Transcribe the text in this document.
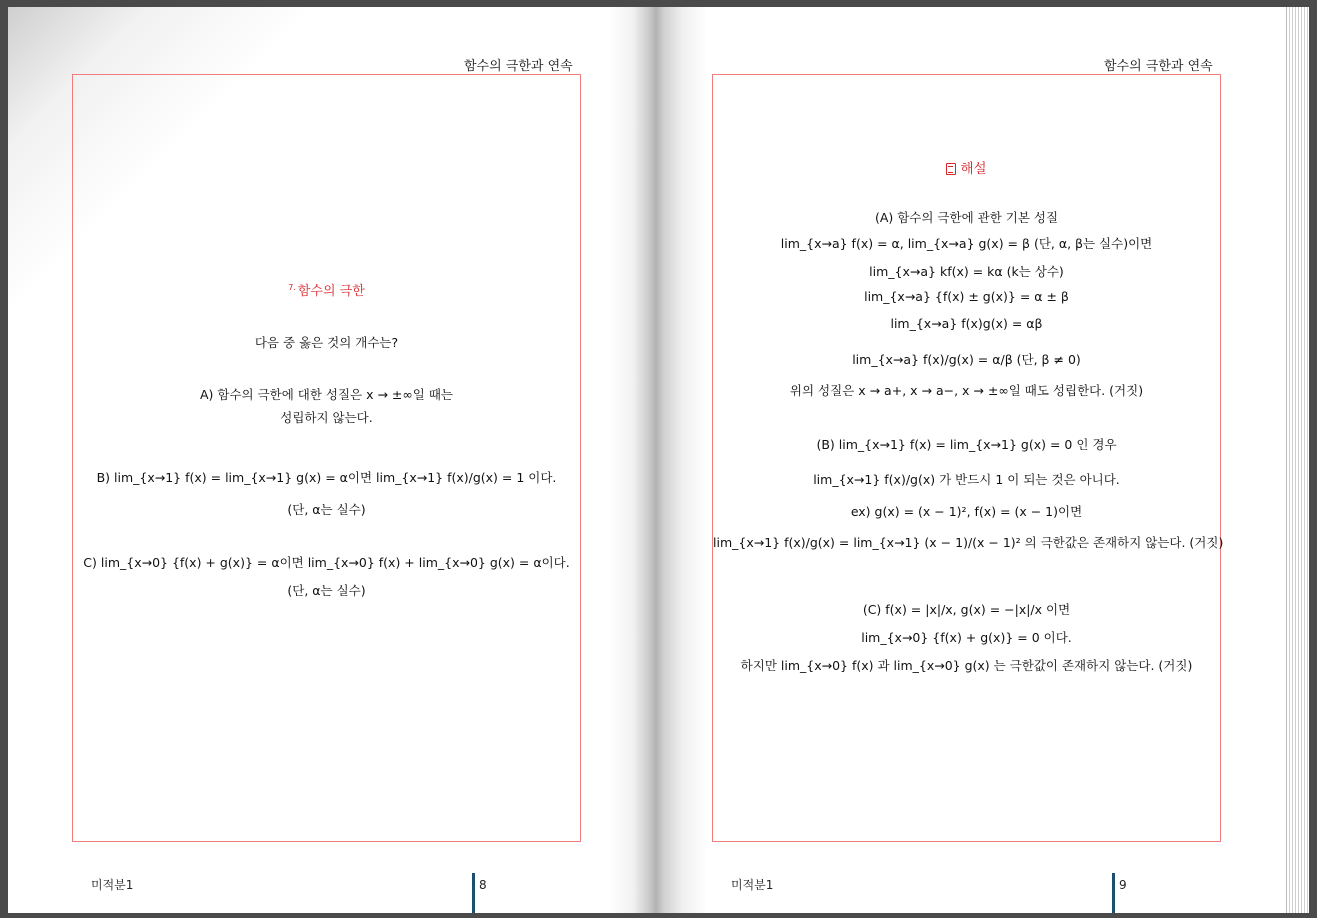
함수의 극한과 연속
$^{7.}$ 함수의 극한
다음 중 옳은 것의 개수는?
A) 함수의 극한에 대한 성질은 x → ±∞일 때는
성립하지 않는다.
B) lim_{x→1} f(x) = lim_{x→1} g(x) = α이면 lim_{x→1} f(x)/g(x) = 1 이다.
(단, α는 실수)
C) lim_{x→0} {f(x) + g(x)} = α이면 lim_{x→0} f(x) + lim_{x→0} g(x) = α이다.
(단, α는 실수)
미적분1	8
함수의 극한과 연속
해설
(A) 함수의 극한에 관한 기본 성질
lim_{x→a} f(x) = α, lim_{x→a} g(x) = β (단, α, β는 실수)이면
lim_{x→a} kf(x) = kα (k는 상수)
lim_{x→a} {f(x) ± g(x)} = α ± β
lim_{x→a} f(x)g(x) = αβ
lim_{x→a} f(x)/g(x) = α/β (단, β ≠ 0)
위의 성질은 x → a+, x → a−, x → ±∞일 때도 성립한다. (거짓)
(B) lim_{x→1} f(x) = lim_{x→1} g(x) = 0 인 경우
lim_{x→1} f(x)/g(x) 가 반드시 1 이 되는 것은 아니다.
ex) g(x) = (x − 1)², f(x) = (x − 1)이면
lim_{x→1} f(x)/g(x) = lim_{x→1} (x − 1)/(x − 1)² 의 극한값은 존재하지 않는다. (거짓)
(C) f(x) = |x|/x, g(x) = −|x|/x 이면
lim_{x→0} {f(x) + g(x)} = 0 이다.
하지만 lim_{x→0} f(x) 과 lim_{x→0} g(x) 는 극한값이 존재하지 않는다. (거짓)
미적분1	9
